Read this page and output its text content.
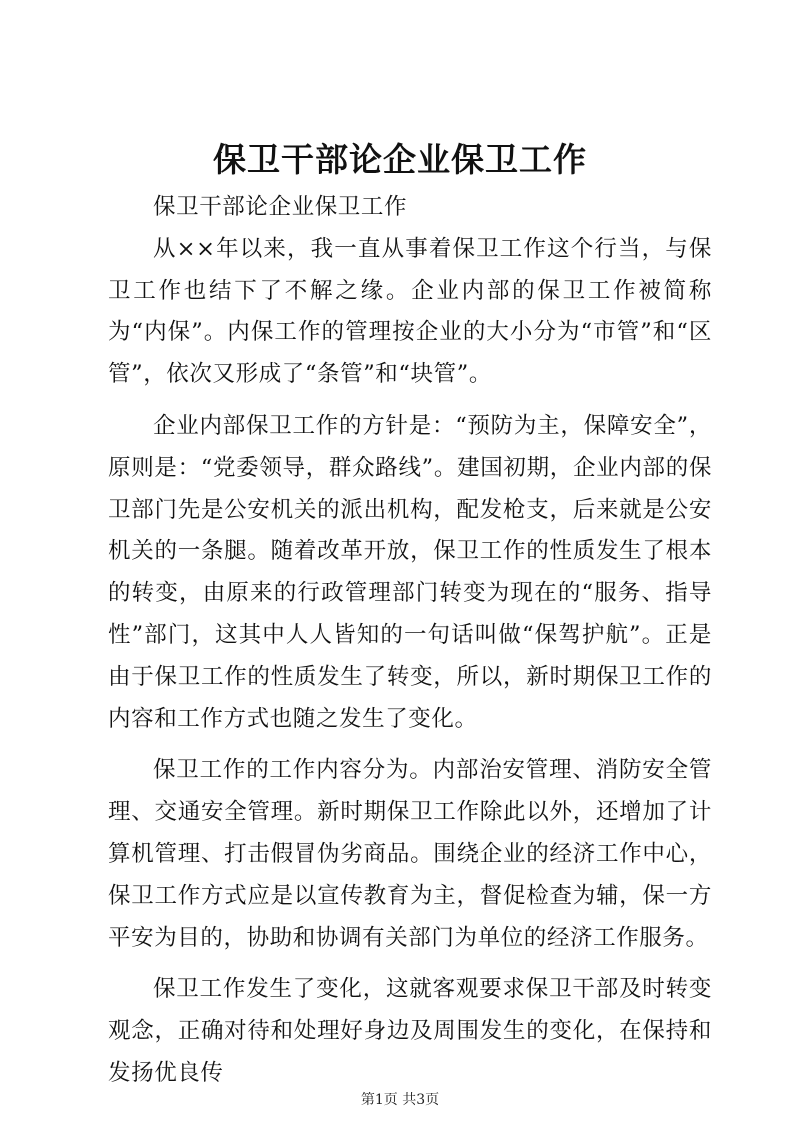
保卫干部论企业保卫工作

保卫干部论企业保卫工作

从××年以来，我一直从事着保卫工作这个行当，与保卫工作也结下了不解之缘。企业内部的保卫工作被简称为“内保”。内保工作的管理按企业的大小分为“市管”和“区管”，依次又形成了“条管”和“块管”。

企业内部保卫工作的方针是：“预防为主，保障安全”，原则是：“党委领导，群众路线”。建国初期，企业内部的保卫部门先是公安机关的派出机构，配发枪支，后来就是公安机关的一条腿。随着改革开放，保卫工作的性质发生了根本的转变，由原来的行政管理部门转变为现在的“服务、指导性”部门，这其中人人皆知的一句话叫做“保驾护航”。正是由于保卫工作的性质发生了转变，所以，新时期保卫工作的内容和工作方式也随之发生了变化。

保卫工作的工作内容分为。内部治安管理、消防安全管理、交通安全管理。新时期保卫工作除此以外，还增加了计算机管理、打击假冒伪劣商品。围绕企业的经济工作中心，保卫工作方式应是以宣传教育为主，督促检查为辅，保一方平安为目的，协助和协调有关部门为单位的经济工作服务。

保卫工作发生了变化，这就客观要求保卫干部及时转变观念，正确对待和处理好身边及周围发生的变化，在保持和发扬优良传

第1页 共3页
